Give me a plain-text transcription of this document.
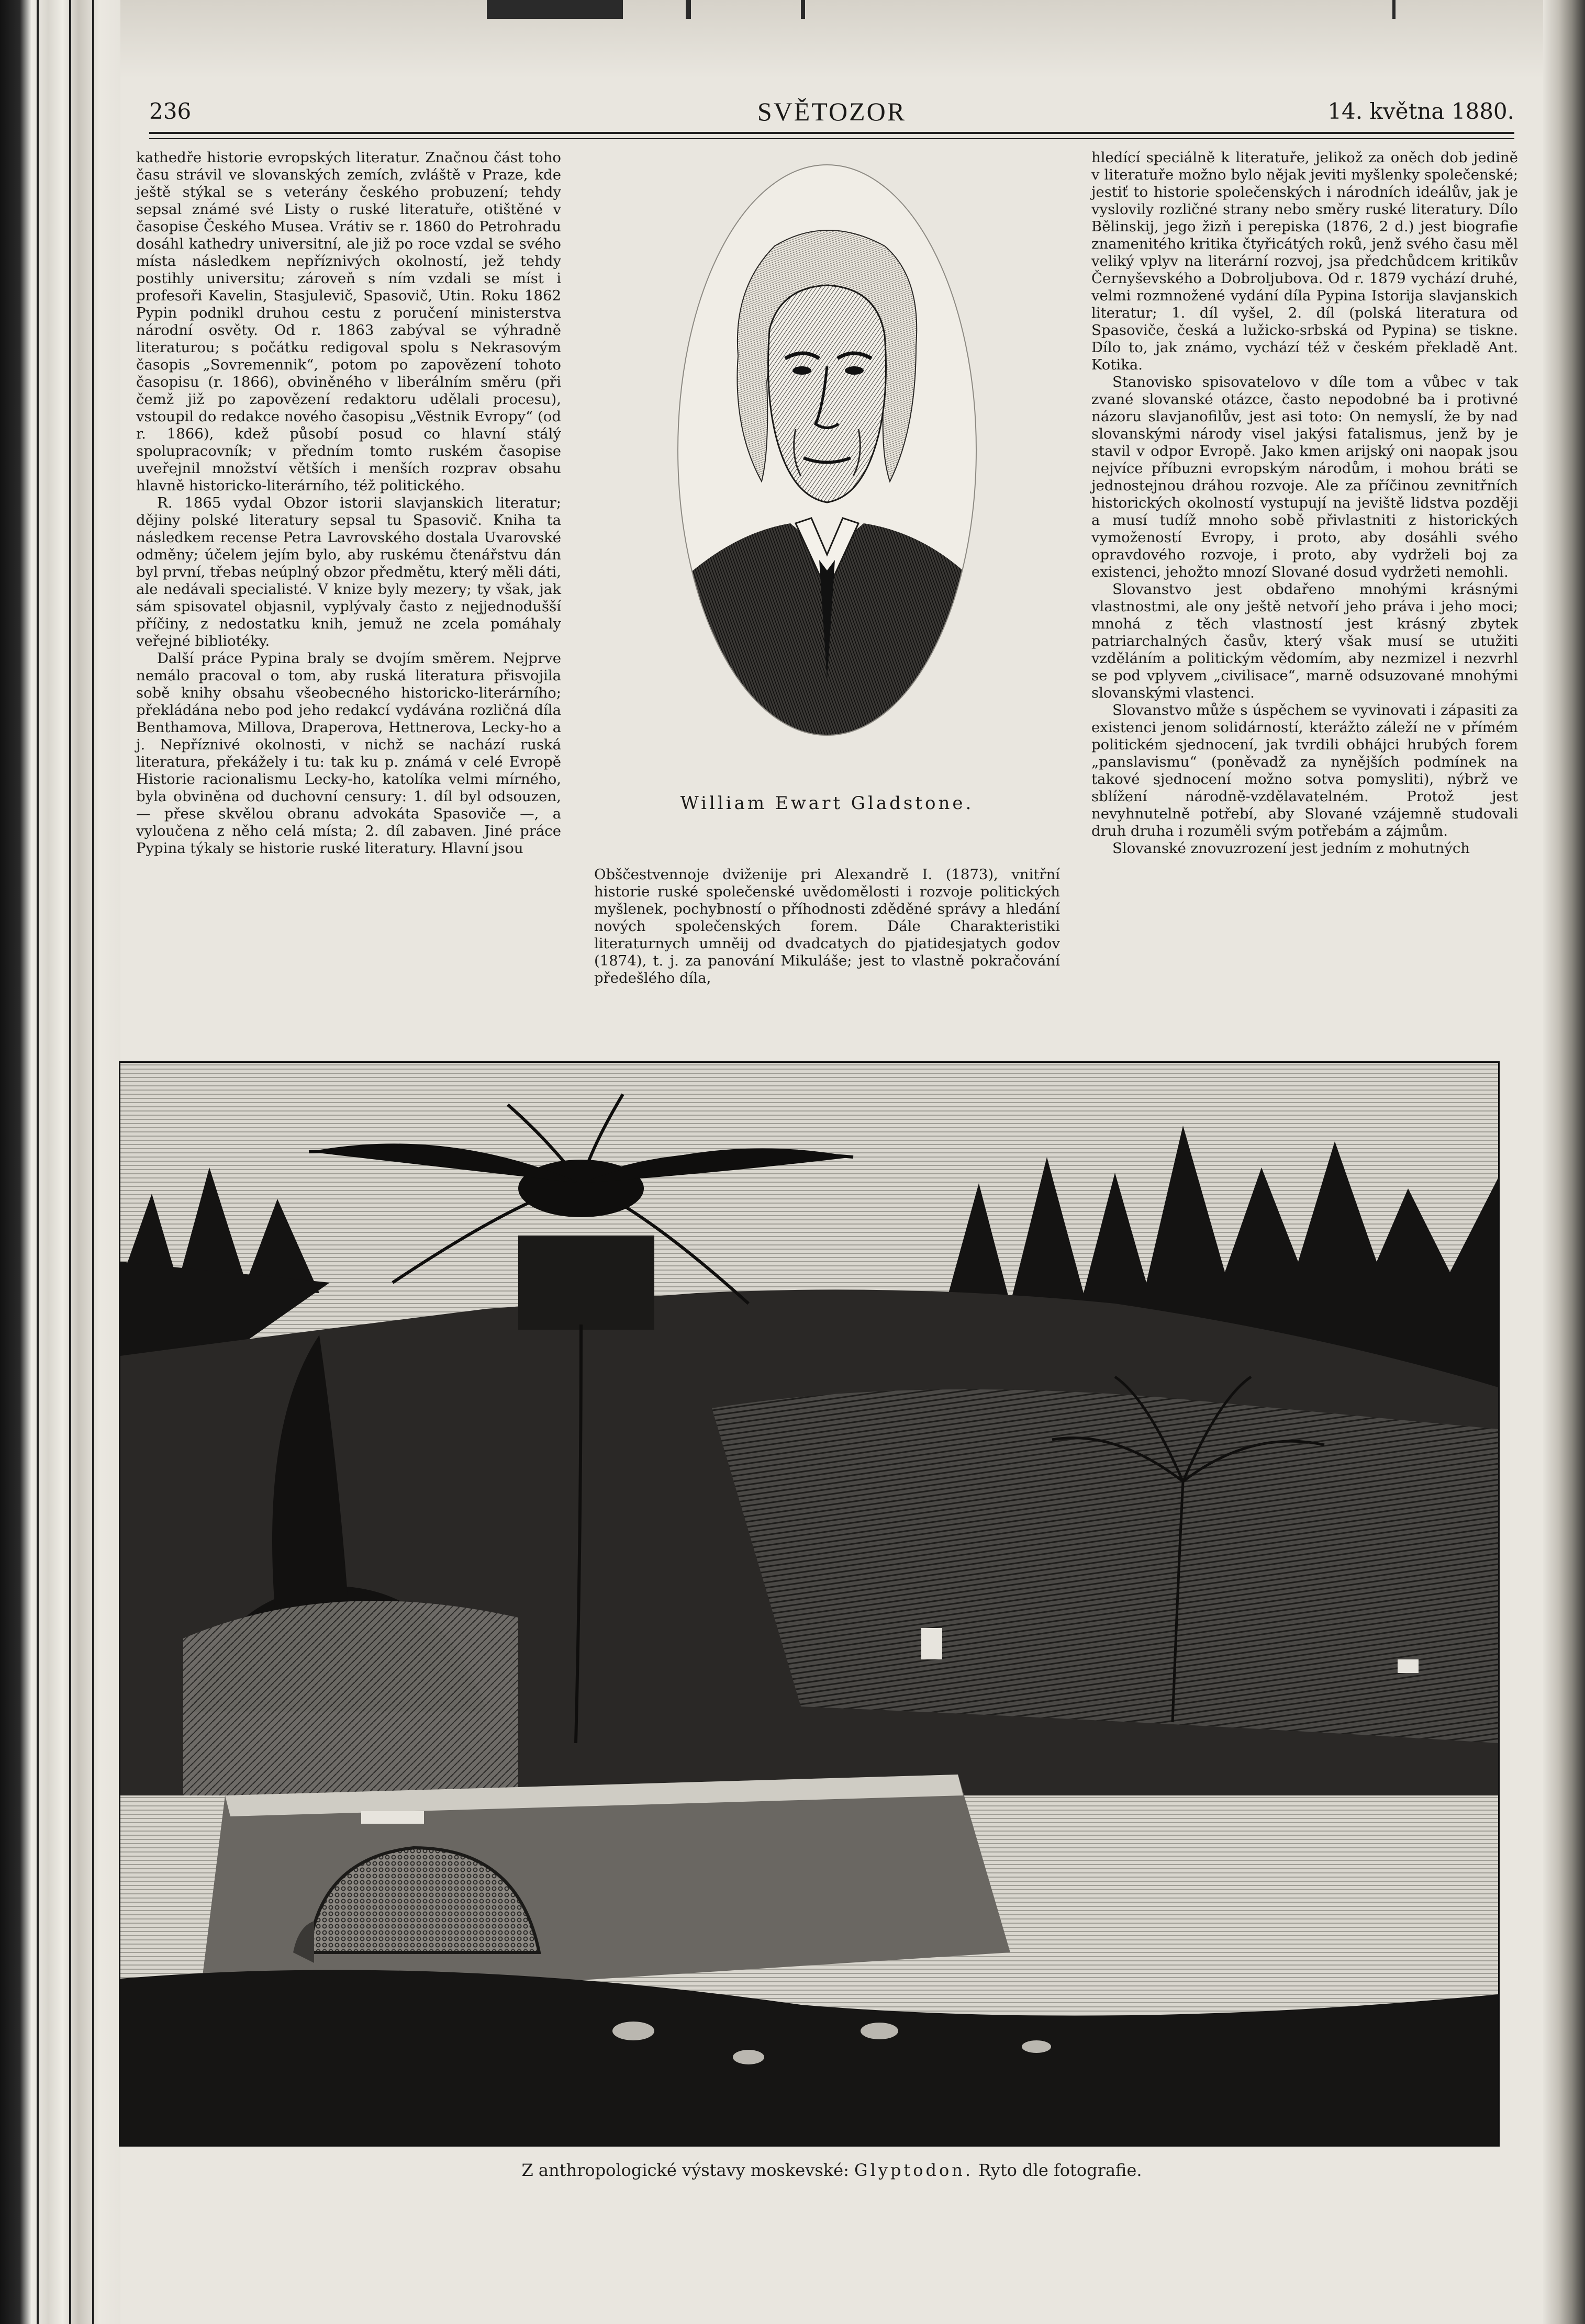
236	SVĚTOZOR	14. května 1880.

kathedře historie evropských literatur. Značnou část toho času strávil ve slovanských zemích, zvláště v Praze, kde ještě stýkal se s veterány českého probuzení; tehdy sepsal známé své Listy o ruské literatuře, otištěné v časopise Českého Musea. Vrátiv se r. 1860 do Petrohradu dosáhl kathedry universitní, ale již po roce vzdal se svého místa následkem nepříznivých okolností, jež tehdy postihly universitu; zároveň s ním vzdali se míst i profesoři Kavelin, Stasjulevič, Spasovič, Utin. Roku 1862 Pypin podnikl druhou cestu z poručení ministerstva národní osvěty. Od r. 1863 zabýval se výhradně literaturou; s počátku redigoval spolu s Nekrasovým časopis „Sovremennik“, potom po zapovězení tohoto časopisu (r. 1866), obviněného v liberálním směru (při čemž již po zapovězení redaktoru udělali procesu), vstoupil do redakce nového časopisu „Věstnik Evropy“ (od r. 1866), kdež působí posud co hlavní stálý spolupracovník; v předním tomto ruském časopise uveřejnil množství větších i menších rozprav obsahu hlavně historicko-literárního, též politického.

R. 1865 vydal Obzor istorii slavjanskich literatur; dějiny polské literatury sepsal tu Spasovič. Kniha ta následkem recense Petra Lavrovského dostala Uvarovské odměny; účelem jejím bylo, aby ruskému čtenářstvu dán byl první, třebas neúplný obzor předmětu, který měli dáti, ale nedávali specialisté. V knize byly mezery; ty však, jak sám spisovatel objasnil, vyplývaly často z nejjednodušší příčiny, z nedostatku knih, jemuž ne zcela pomáhaly veřejné bibliotéky.

Další práce Pypina braly se dvojím směrem. Nejprve nemálo pracoval o tom, aby ruská literatura přisvojila sobě knihy obsahu všeobecného historicko-literárního; překládána nebo pod jeho redakcí vydávána rozličná díla Benthamova, Millova, Draperova, Hettnerova, Lecky-ho a j. Nepříznivé okolnosti, v nichž se nachází ruská literatura, překážely i tu: tak ku p. známá v celé Evropě Historie racionalismu Lecky-ho, katolíka velmi mírného, byla obviněna od duchovní censury: 1. díl byl odsouzen, — přese skvělou obranu advokáta Spasoviče —, a vyloučena z něho celá místa; 2. díl zabaven. Jiné práce Pypina týkaly se historie ruské literatury. Hlavní jsou

William Ewart Gladstone.

Obščestvennoje dviženije pri Alexandrě I. (1873), vnitřní historie ruské společenské uvědomělosti i rozvoje politických myšlenek, pochybností o příhodnosti zděděné správy a hledání nových společenských forem. Dále Charakteristiki literaturnych umněij od dvadcatych do pjatidesjatych godov (1874), t. j. za panování Mikuláše; jest to vlastně pokračování předešlého díla,

hledící speciálně k literatuře, jelikož za oněch dob jedině v literatuře možno bylo nějak jeviti myšlenky společenské; jestiť to historie společenských i národních ideálův, jak je vyslovily rozličné strany nebo směry ruské literatury. Dílo Bělinskij, jego žizň i perepiska (1876, 2 d.) jest biografie znamenitého kritika čtyřicátých roků, jenž svého času měl veliký vplyv na literární rozvoj, jsa předchůdcem kritikův Černyševského a Dobroljubova. Od r. 1879 vychází druhé, velmi rozmnožené vydání díla Pypina Istorija slavjanskich literatur; 1. díl vyšel, 2. díl (polská literatura od Spasoviče, česká a lužicko-srbská od Pypina) se tiskne. Dílo to, jak známo, vychází též v českém překladě Ant. Kotika.

Stanovisko spisovatelovo v díle tom a vůbec v tak zvané slovanské otázce, často nepodobné ba i protivné názoru slavjanofilův, jest asi toto: On nemyslí, že by nad slovanskými národy visel jakýsi fatalismus, jenž by je stavil v odpor Evropě. Jako kmen arijský oni naopak jsou nejvíce příbuzni evropským národům, i mohou bráti se jednostejnou dráhou rozvoje. Ale za příčinou zevnitřních historických okolností vystupují na jeviště lidstva později a musí tudíž mnoho sobě přivlastniti z historických vymožeností Evropy, i proto, aby dosáhli svého opravdového rozvoje, i proto, aby vydrželi boj za existenci, jehožto mnozí Slované dosud vydržeti nemohli.

Slovanstvo jest obdařeno mnohými krásnými vlastnostmi, ale ony ještě netvoří jeho práva i jeho moci; mnohá z těch vlastností jest krásný zbytek patriarchalných časův, který však musí se utužiti vzděláním a politickým vědomím, aby nezmizel i nezvrhl se pod vplyvem „civilisace“, marně odsuzované mnohými slovanskými vlastenci.

Slovanstvo může s úspěchem se vyvinovati i zápasiti za existenci jenom solidárností, kterážto záleží ne v přímém politickém sjednocení, jak tvrdili obhájci hrubých forem „panslavismu“ (poněvadž za nynějších podmínek na takové sjednocení možno sotva pomysliti), nýbrž ve sblížení národně-vzdělavatelném. Protož jest nevyhnutelně potřebí, aby Slované vzájemně studovali druh druha i rozuměli svým potřebám a zájmům.

Slovanské znovuzrození jest jedním z mohutných

Z anthropologické výstavy moskevské: Glyptodon. Ryto dle fotografie.
